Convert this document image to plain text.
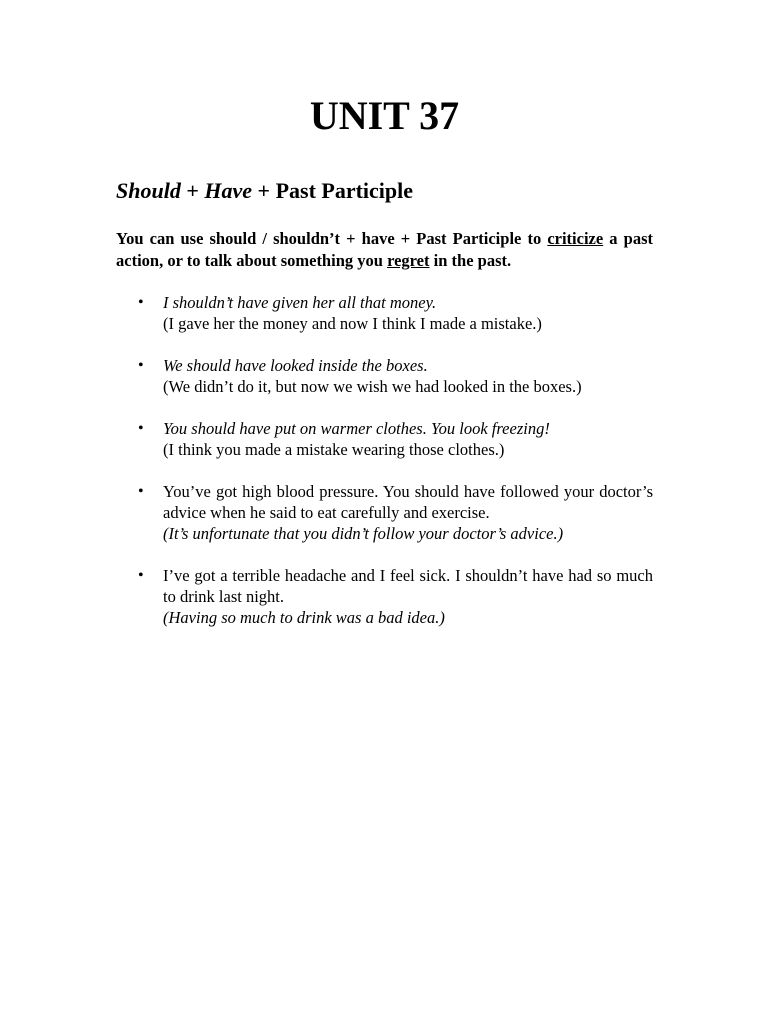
UNIT 37
Should + Have + Past Participle

You can use should / shouldn’t + have + Past Participle to criticize a past action, or to talk about something you regret in the past.

• I shouldn’t have given her all that money.
(I gave her the money and now I think I made a mistake.)
• We should have looked inside the boxes.
(We didn’t do it, but now we wish we had looked in the boxes.)
• You should have put on warmer clothes. You look freezing!
(I think you made a mistake wearing those clothes.)
• You’ve got high blood pressure. You should have followed your doctor’s advice when he said to eat carefully and exercise.
(It’s unfortunate that you didn’t follow your doctor’s advice.)
• I’ve got a terrible headache and I feel sick. I shouldn’t have had so much to drink last night.
(Having so much to drink was a bad idea.)
